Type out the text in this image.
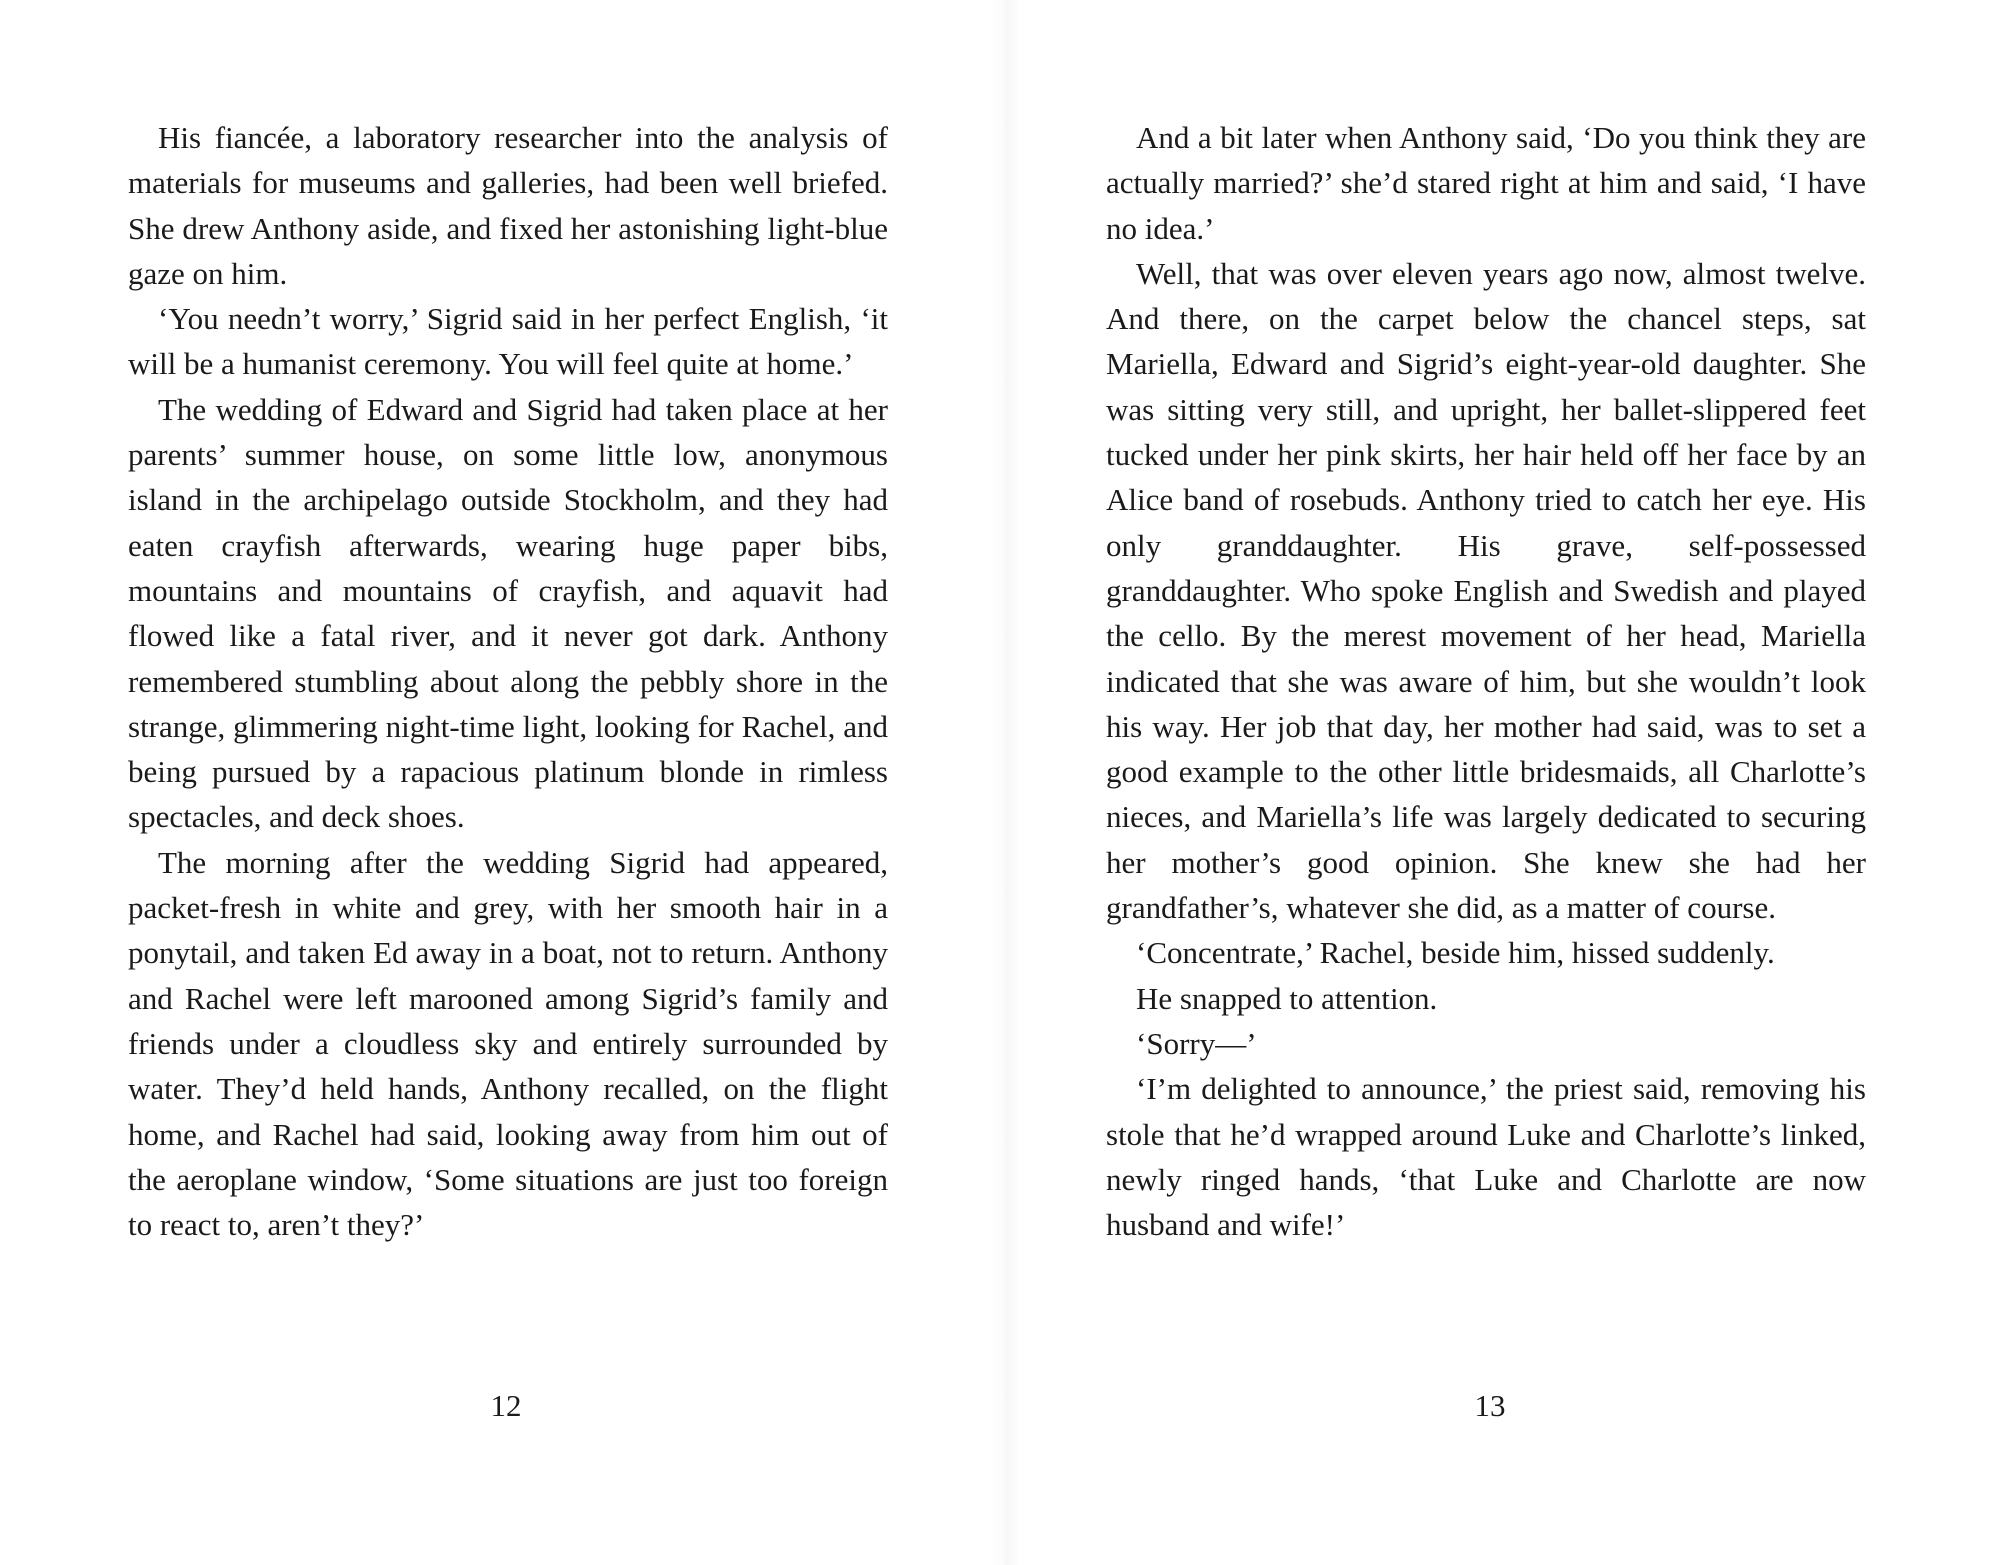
His fiancée, a laboratory researcher into the analysis of materials for museums and galleries, had been well briefed. She drew Anthony aside, and fixed her astonishing light-blue gaze on him.

‘You needn’t worry,’ Sigrid said in her perfect English, ‘it will be a humanist ceremony. You will feel quite at home.’

The wedding of Edward and Sigrid had taken place at her parents’ summer house, on some little low, anonymous island in the archipelago outside Stockholm, and they had eaten crayfish afterwards, wearing huge paper bibs, mountains and mountains of crayfish, and aquavit had flowed like a fatal river, and it never got dark. Anthony remembered stumbling about along the pebbly shore in the strange, glimmering night-time light, looking for Rachel, and being pursued by a rapacious platinum blonde in rimless spectacles, and deck shoes.

The morning after the wedding Sigrid had appeared, packet-fresh in white and grey, with her smooth hair in a ponytail, and taken Ed away in a boat, not to return. Anthony and Rachel were left marooned among Sigrid’s family and friends under a cloudless sky and entirely surrounded by water. They’d held hands, Anthony recalled, on the flight home, and Rachel had said, looking away from him out of the aeroplane window, ‘Some situations are just too foreign to react to, aren’t they?’

And a bit later when Anthony said, ‘Do you think they are actually married?’ she’d stared right at him and said, ‘I have no idea.’

Well, that was over eleven years ago now, almost twelve. And there, on the carpet below the chancel steps, sat Mariella, Edward and Sigrid’s eight-year-old daughter. She was sitting very still, and upright, her ballet-slippered feet tucked under her pink skirts, her hair held off her face by an Alice band of rosebuds. Anthony tried to catch her eye. His only granddaughter. His grave, self-possessed granddaughter. Who spoke English and Swedish and played the cello. By the merest movement of her head, Mariella indicated that she was aware of him, but she wouldn’t look his way. Her job that day, her mother had said, was to set a good example to the other little bridesmaids, all Charlotte’s nieces, and Mariella’s life was largely dedicated to securing her mother’s good opinion. She knew she had her grandfather’s, whatever she did, as a matter of course.

‘Concentrate,’ Rachel, beside him, hissed suddenly.

He snapped to attention.

‘Sorry—’

‘I’m delighted to announce,’ the priest said, removing his stole that he’d wrapped around Luke and Charlotte’s linked, newly ringed hands, ‘that Luke and Charlotte are now husband and wife!’

12	13
